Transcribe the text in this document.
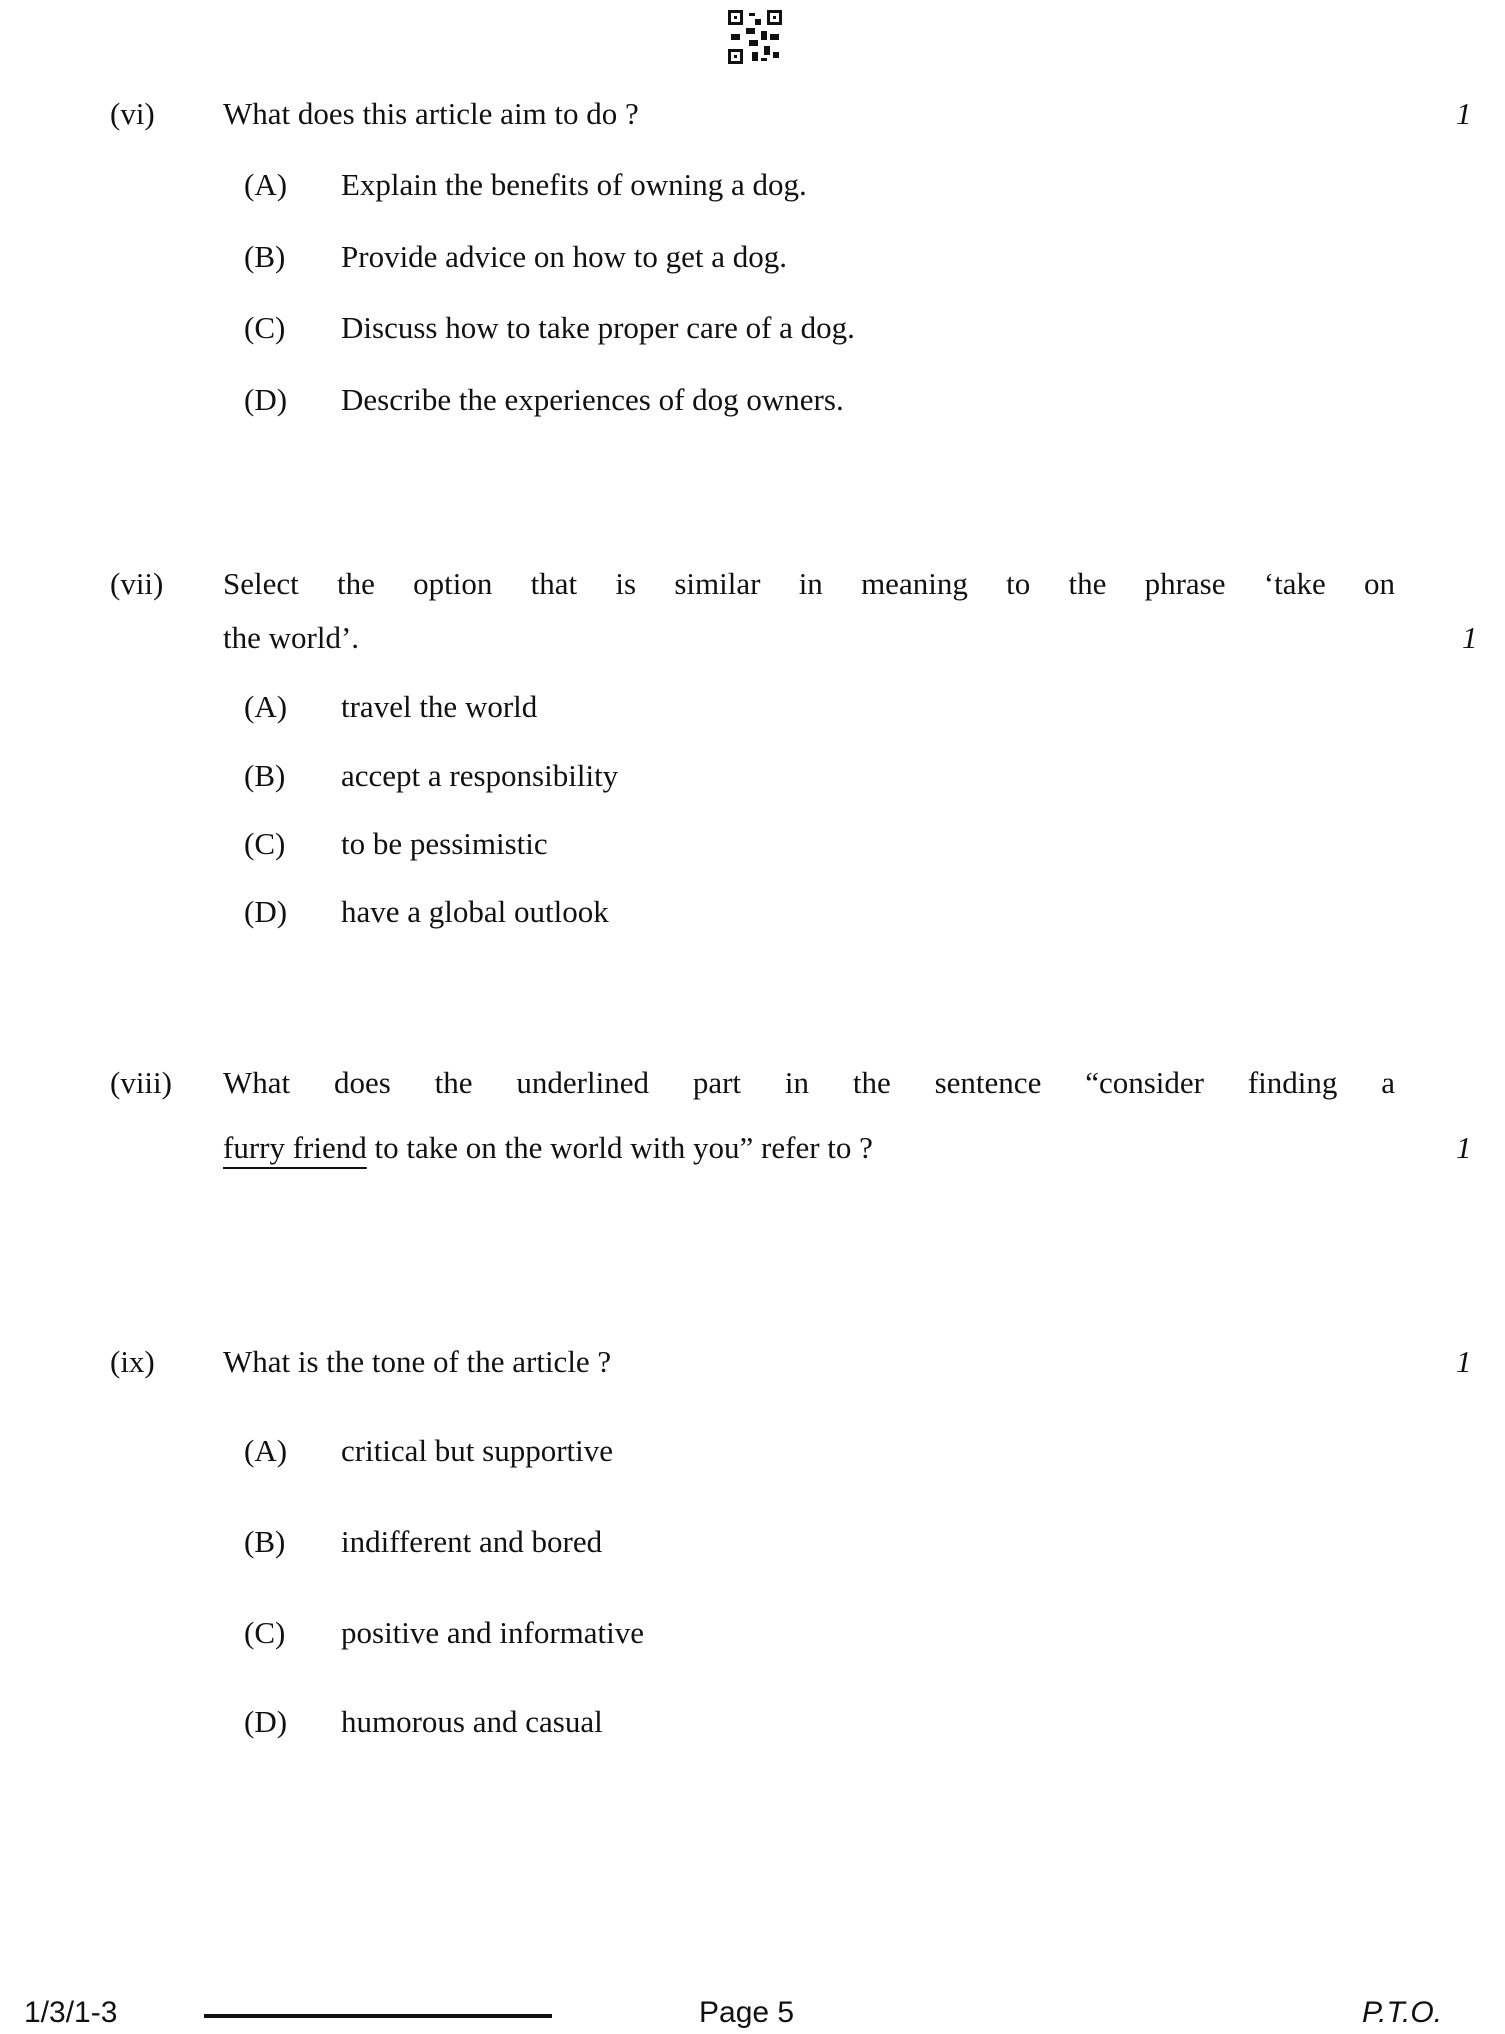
(vi) What does this article aim to do ?	1
(A) Explain the benefits of owning a dog.
(B) Provide advice on how to get a dog.
(C) Discuss how to take proper care of a dog.
(D) Describe the experiences of dog owners.
(vii) Select the option that is similar in meaning to the phrase ‘take on
the world’.	1
(A) travel the world
(B) accept a responsibility
(C) to be pessimistic
(D) have a global outlook
(viii) What does the underlined part in the sentence “consider finding a
furry friend to take on the world with you” refer to ?	1
(ix) What is the tone of the article ?	1
(A) critical but supportive
(B) indifferent and bored
(C) positive and informative
(D) humorous and casual
1/3/1-3	Page 5	P.T.O.
